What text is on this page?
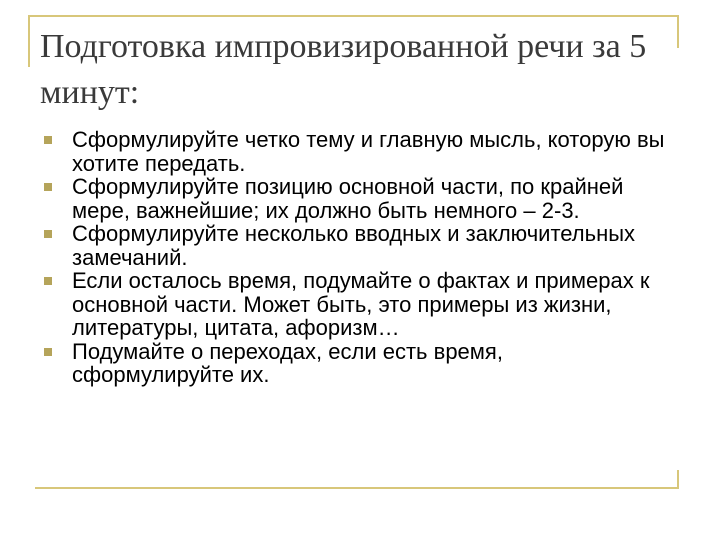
Подготовка импровизированной речи за 5 минут:
Сформулируйте четко тему и главную мысль, которую вы хотите передать.
Сформулируйте позицию основной части, по крайней мере, важнейшие; их должно быть немного – 2-3.
Сформулируйте несколько вводных и заключительных замечаний.
Если осталось время, подумайте о фактах и примерах к основной части. Может быть, это примеры из жизни, литературы, цитата, афоризм…
Подумайте о переходах, если есть время, сформулируйте их.
